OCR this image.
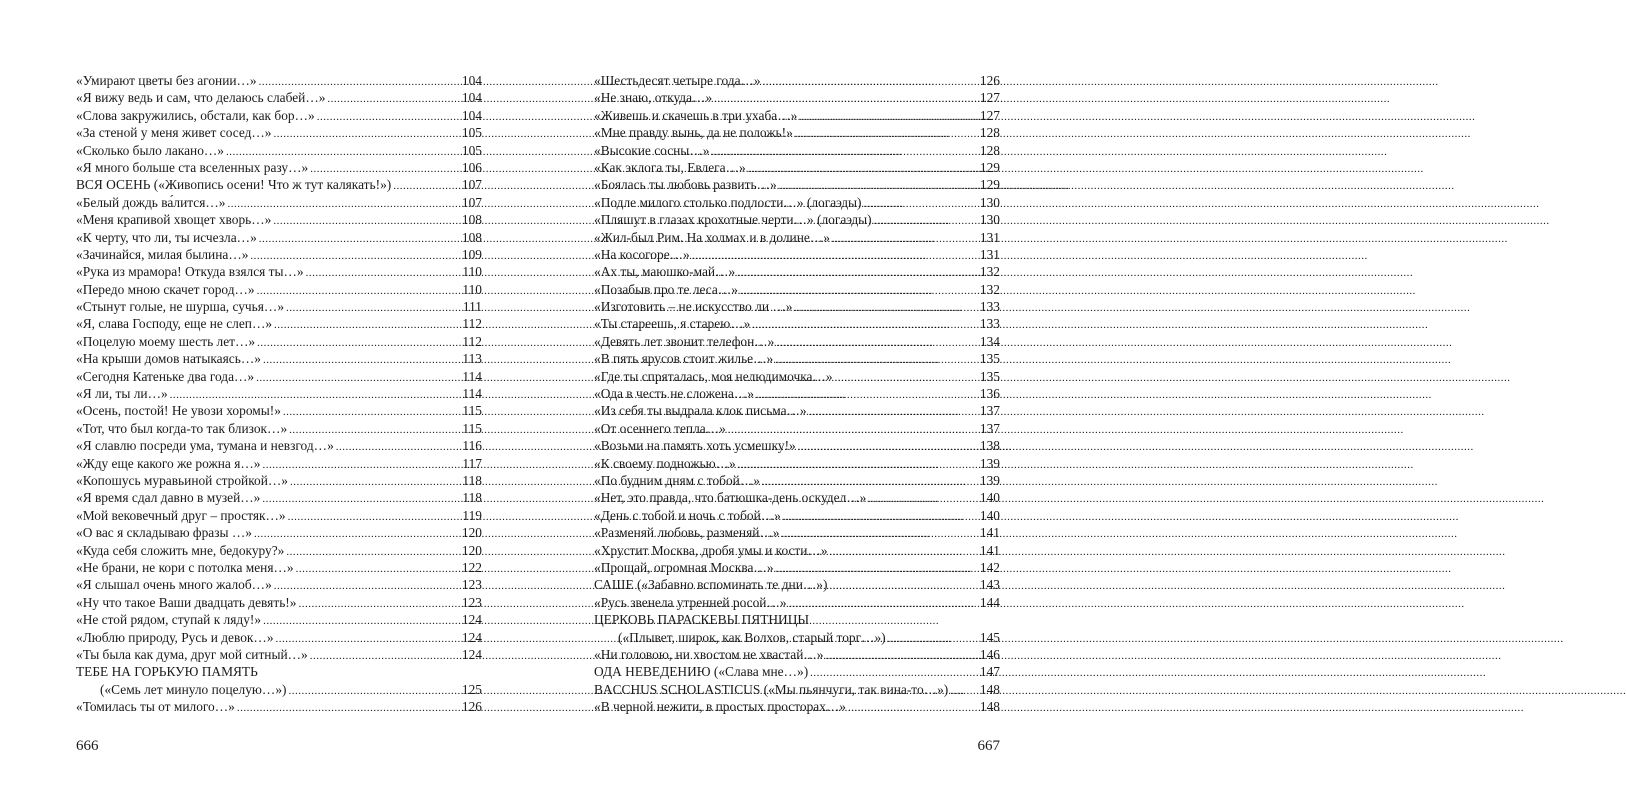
«Умирают цветы без агонии…» .....	104
«Я вижу ведь и сам, что делаюсь слабей…» .....	104
«Слова закружились, обстали, как бор…» .....	104
«За стеной у меня живет сосед…» .....	105
«Сколько было лакано…» .....	105
«Я много больше ста вселенных разу…» .....	106
ВСЯ ОСЕНЬ («Живопись осени! Что ж тут калякать!») .....	107
«Белый дождь ва́лится…» .....	107
«Меня крапивой хвощет хворь…» .....	108
«К черту, что ли, ты исчезла…» .....	108
«Зачинайся, милая былина…» .....	109
«Рука из мрамора! Откуда взялся ты…» .....	110
«Передо мною скачет город…» .....	110
«Стынут голые, не шурша, сучья…» .....	111
«Я, слава Господу, еще не слеп…» .....	112
«Поцелую моему шесть лет…» .....	112
«На крыши домов натыкаясь…» .....	113
«Сегодня Катеньке два года…» .....	114
«Я ли, ты ли…» .....	114
«Осень, постой! Не увози хоромы!» .....	115
«Тот, что был когда-то так близок…» .....	115
«Я славлю посреди ума, тумана и невзгод…» .....	116
«Жду еще какого же рожна я…» .....	117
«Копошусь муравьиной стройкой…» .....	118
«Я время сдал давно в музей…» .....	118
«Мой вековечный друг – простяк…» .....	119
«О вас я складываю фразы …» .....	120
«Куда себя сложить мне, бедокуру?» .....	120
«Не брани, не кори с потолка меня…» .....	122
«Я слышал очень много жалоб…» .....	123
«Ну что такое Ваши двадцать девять!» .....	123
«Не стой рядом, ступай к ляду!» .....	124
«Люблю природу, Русь и девок…» .....	124
«Ты была как дума, друг мой ситный…» .....	124
ТЕБЕ НА ГОРЬКУЮ ПАМЯТЬ
(«Семь лет минуло поцелую…») .....	125
«Томилась ты от милого…» .....	126
666
«Шестьдесят четыре года…» .....	126
«Не знаю, откуда…» .....	127
«Живешь и скачешь в три ухаба…» .....	127
«Мне правду вынь, да не положь!» .....	128
«Высокие сосны…» .....	128
«Как эклога ты, Евлега…» .....	129
«Боялась ты любовь развить…» .....	129
«Подле милого столько подлости…» (логаэды) .....	130
«Пляшут в глазах крохотные черти…» (логаэды) .....	130
«Жил-был Рим. На холмах и в долине…» .....	131
«На косогоре…» .....	131
«Ах ты, маюшко-май…» .....	132
«Позабыв про те леса…» .....	132
«Изготовить – не искусство ли …» .....	133
«Ты стареешь, я старею…» .....	133
«Девять лет звонит телефон…» .....	134
«В пять ярусов стоит жилье…» .....	135
«Где ты спряталась, моя нелюдимочка…» .....	135
«Ода в честь не сложена…» .....	136
«Из себя ты выдрала клок письма…» .....	137
«От осеннего тепла…» .....	137
«Возьми на память хоть усмешку!» .....	138
«К своему подножью…» .....	139
«По будним дням с тобой…» .....	139
«Нет, это правда, что батюшка-день оскудел…» .....	140
«День с тобой и ночь с тобой…» .....	140
«Разменяй любовь, разменяй…» .....	141
«Хрустит Москва, дробя умы и кости…» .....	141
«Прощай, огромная Москва…» .....	142
САШЕ («Забавно вспоминать те дни…») .....	143
«Русь звенела утренней росой…» .....	144
ЦЕРКОВЬ ПАРАСКЕВЫ ПЯТНИЦЫ
(«Плывет, широк, как Волхов, старый торг…») .....	145
«Ни головою, ни хвостом не хвастай…» .....	146
ОДА НЕВЕДЕНИЮ («Слава мне…») .....	147
BACCHUS SCHOLASTICUS («Мы пьянчуги, так вина-то…») ..... 148
«В черной нежити, в простых просторах…» .....	148
667
